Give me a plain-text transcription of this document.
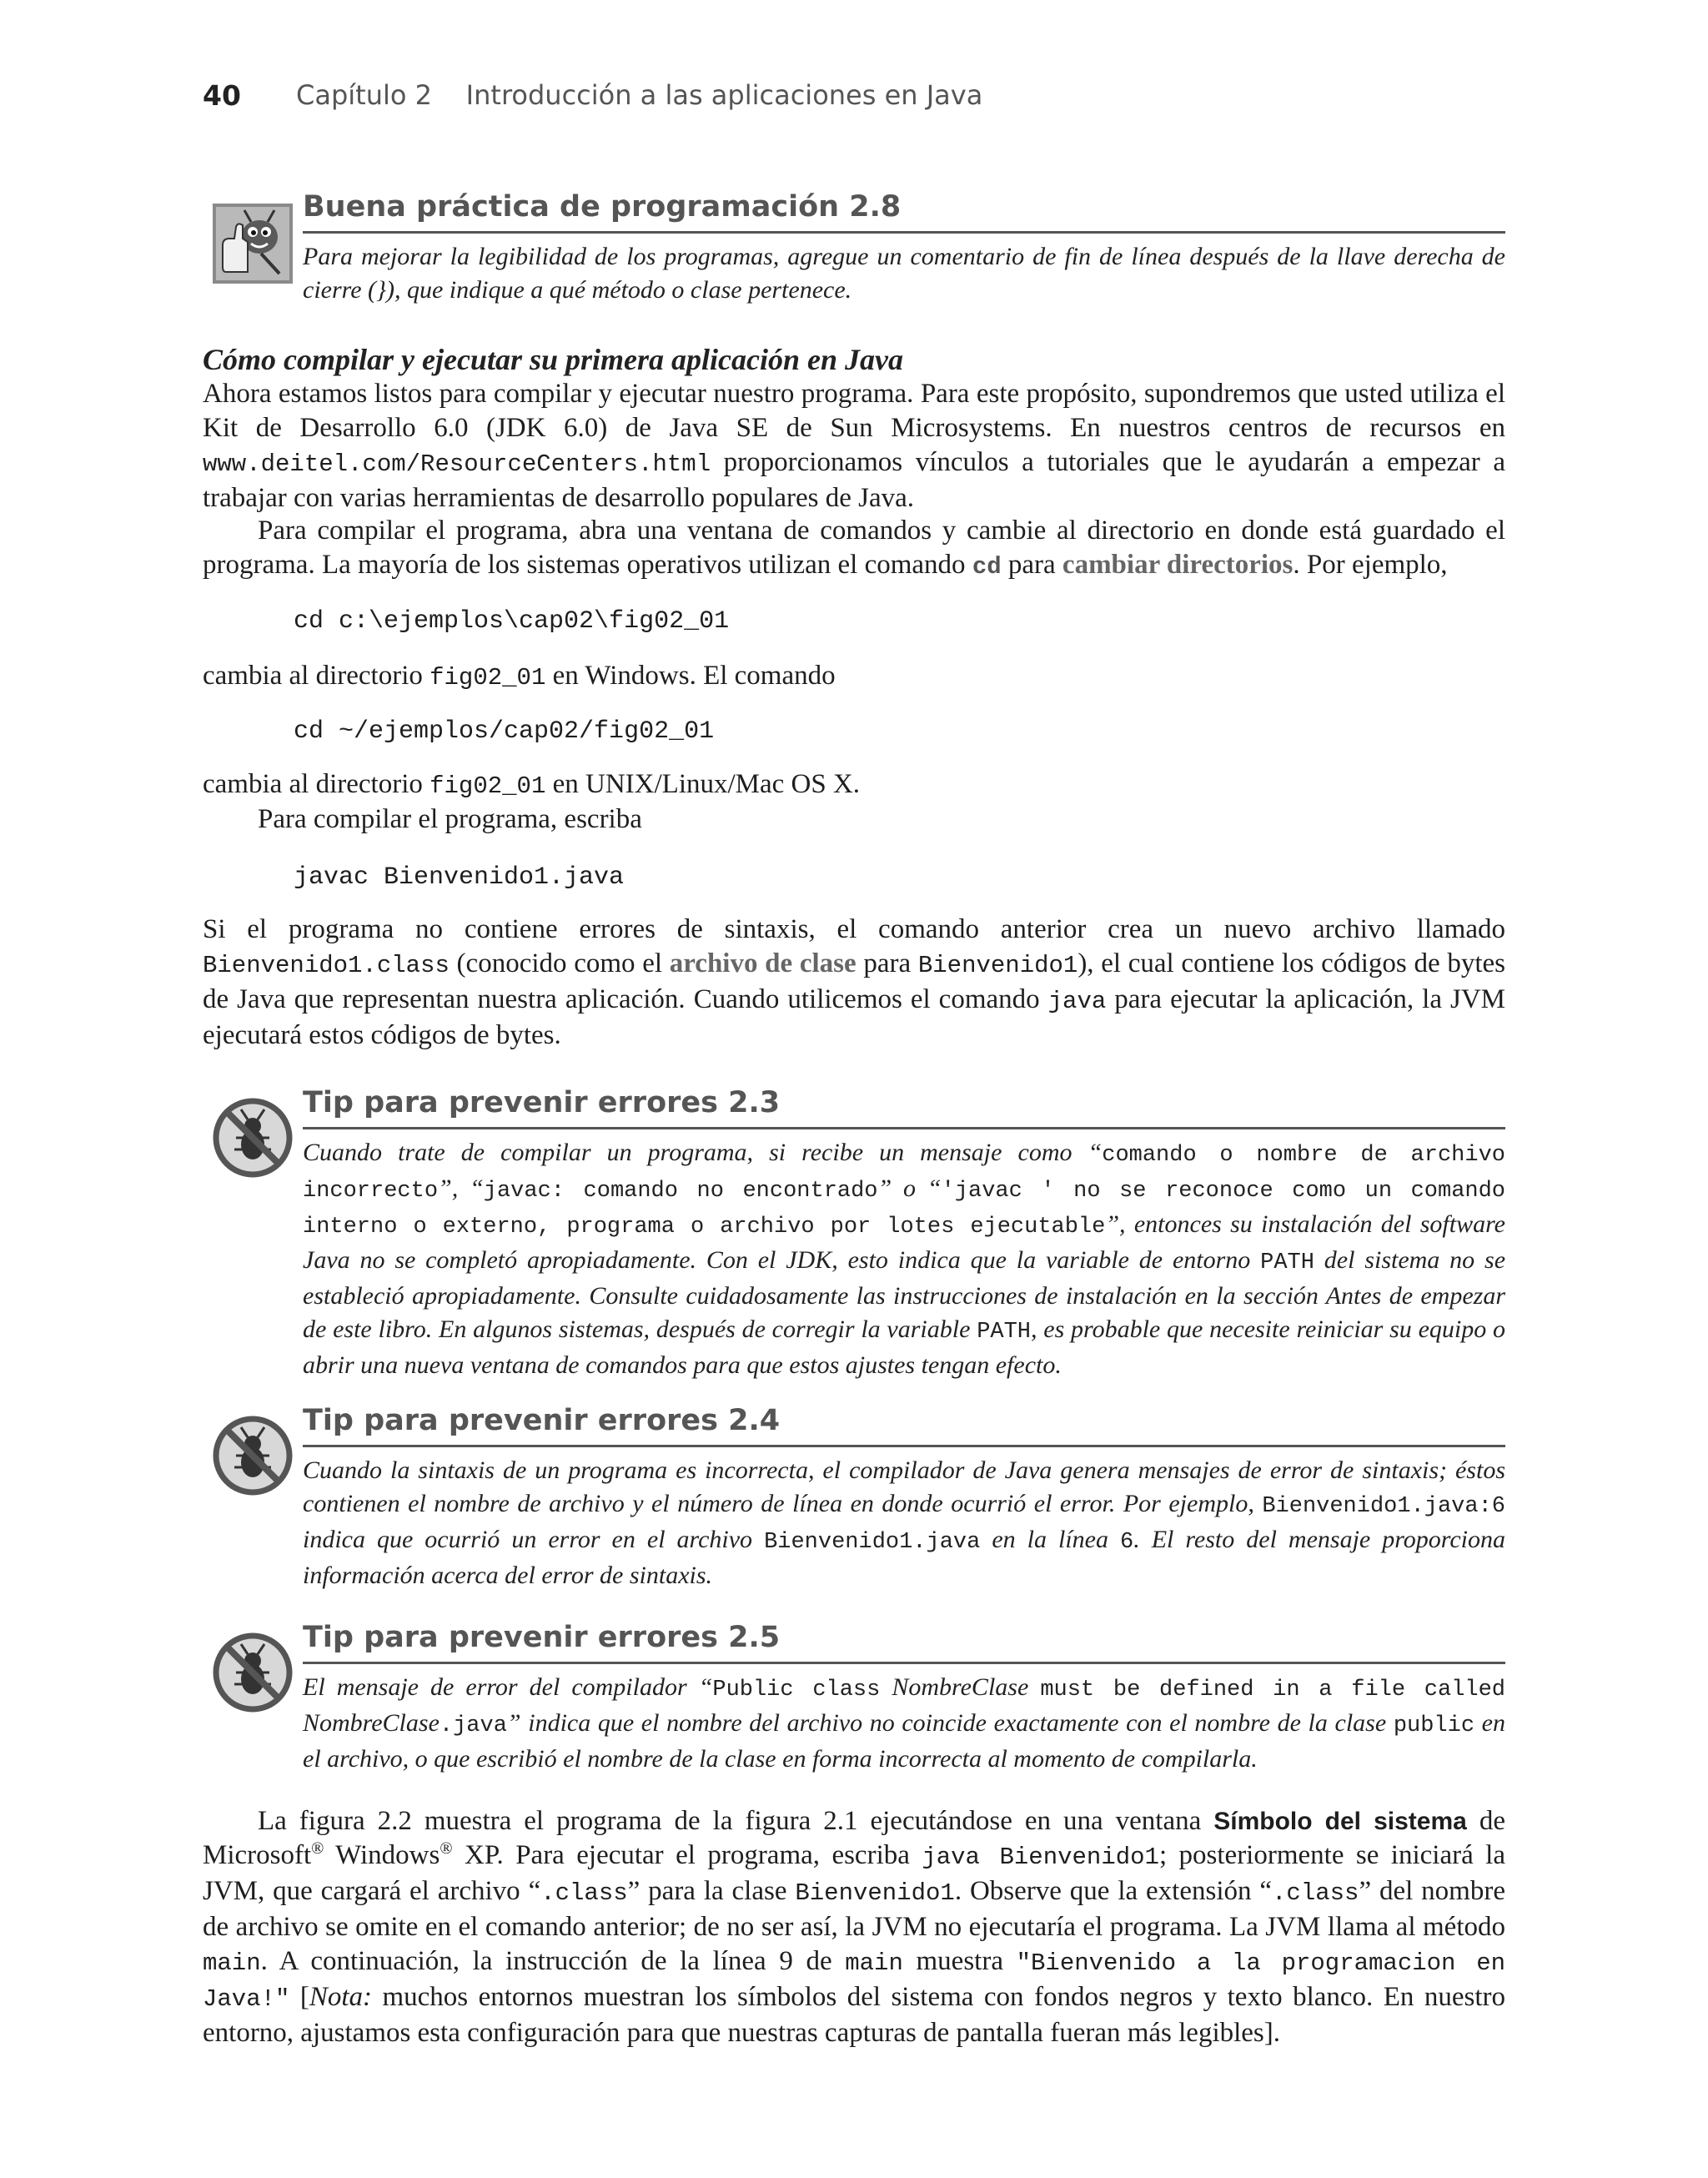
40 Capítulo 2    Introducción a las aplicaciones en Java
Buena práctica de programación 2.8
Para mejorar la legibilidad de los programas, agregue un comentario de fin de línea después de la llave derecha de cierre (}), que indique a qué método o clase pertenece.
Cómo compilar y ejecutar su primera aplicación en Java
Ahora estamos listos para compilar y ejecutar nuestro programa. Para este propósito, supondremos que usted utiliza el Kit de Desarrollo 6.0 (JDK 6.0) de Java SE de Sun Microsystems. En nuestros centros de recursos en www.deitel.com/ResourceCenters.html proporcionamos vínculos a tutoriales que le ayudarán a empezar a trabajar con varias herramientas de desarrollo populares de Java.
Para compilar el programa, abra una ventana de comandos y cambie al directorio en donde está guardado el programa. La mayoría de los sistemas operativos utilizan el comando cd para cambiar directorios. Por ejemplo,
cd c:\ejemplos\cap02\fig02_01
cambia al directorio fig02_01 en Windows. El comando
cd ~/ejemplos/cap02/fig02_01
cambia al directorio fig02_01 en UNIX/Linux/Mac OS X.
Para compilar el programa, escriba
javac Bienvenido1.java
Si el programa no contiene errores de sintaxis, el comando anterior crea un nuevo archivo llamado Bienvenido1.class (conocido como el archivo de clase para Bienvenido1), el cual contiene los códigos de bytes de Java que representan nuestra aplicación. Cuando utilicemos el comando java para ejecutar la aplicación, la JVM ejecutará estos códigos de bytes.
Tip para prevenir errores 2.3
Cuando trate de compilar un programa, si recibe un mensaje como “comando o nombre de archivo incorrecto”, “javac: comando no encontrado” o “'javac ' no se reconoce como un comando interno o externo, programa o archivo por lotes ejecutable”, entonces su instalación del software Java no se completó apropiadamente. Con el JDK, esto indica que la variable de entorno PATH del sistema no se estableció apropiadamente. Consulte cuidadosamente las instrucciones de instalación en la sección Antes de empezar de este libro. En algunos sistemas, después de corregir la variable PATH, es probable que necesite reiniciar su equipo o abrir una nueva ventana de comandos para que estos ajustes tengan efecto.
Tip para prevenir errores 2.4
Cuando la sintaxis de un programa es incorrecta, el compilador de Java genera mensajes de error de sintaxis; éstos contienen el nombre de archivo y el número de línea en donde ocurrió el error. Por ejemplo, Bienvenido1.java:6 indica que ocurrió un error en el archivo Bienvenido1.java en la línea 6. El resto del mensaje proporciona información acerca del error de sintaxis.
Tip para prevenir errores 2.5
El mensaje de error del compilador “Public class NombreClase must be defined in a file called NombreClase.java” indica que el nombre del archivo no coincide exactamente con el nombre de la clase public en el archivo, o que escribió el nombre de la clase en forma incorrecta al momento de compilarla.
La figura 2.2 muestra el programa de la figura 2.1 ejecutándose en una ventana Símbolo del sistema de Microsoft® Windows® XP. Para ejecutar el programa, escriba java Bienvenido1; posteriormente se iniciará la JVM, que cargará el archivo “.class” para la clase Bienvenido1. Observe que la extensión “.class” del nombre de archivo se omite en el comando anterior; de no ser así, la JVM no ejecutaría el programa. La JVM llama al método main. A continuación, la instrucción de la línea 9 de main muestra "Bienvenido a la programacion en Java!" [Nota: muchos entornos muestran los símbolos del sistema con fondos negros y texto blanco. En nuestro entorno, ajustamos esta configuración para que nuestras capturas de pantalla fueran más legibles].
